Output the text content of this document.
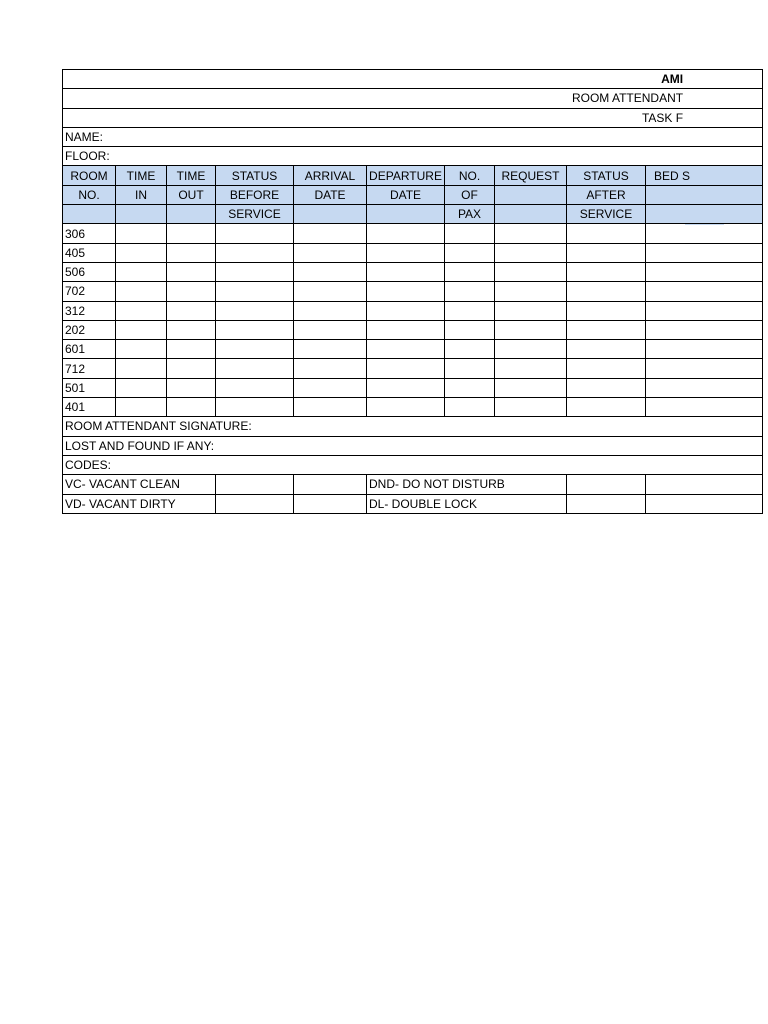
AMI									
ROOM ATTENDANT									
TASK F									
NAME:									
FLOOR:									
ROOM	TIME	TIME	STATUS	ARRIVAL	DEPARTURE	NO.	REQUEST	STATUS	BED S
NO.	IN	OUT	BEFORE	DATE	DATE	OF		AFTER	
			SERVICE			PAX		SERVICE	
306									
405									
506									
702									
312									
202									
601									
712									
501									
401									
ROOM ATTENDANT SIGNATURE:									
LOST AND FOUND IF ANY:									
CODES:									
VC- VACANT CLEAN					DND- DO NOT DISTURB				
VD- VACANT DIRTY					DL- DOUBLE LOCK				
